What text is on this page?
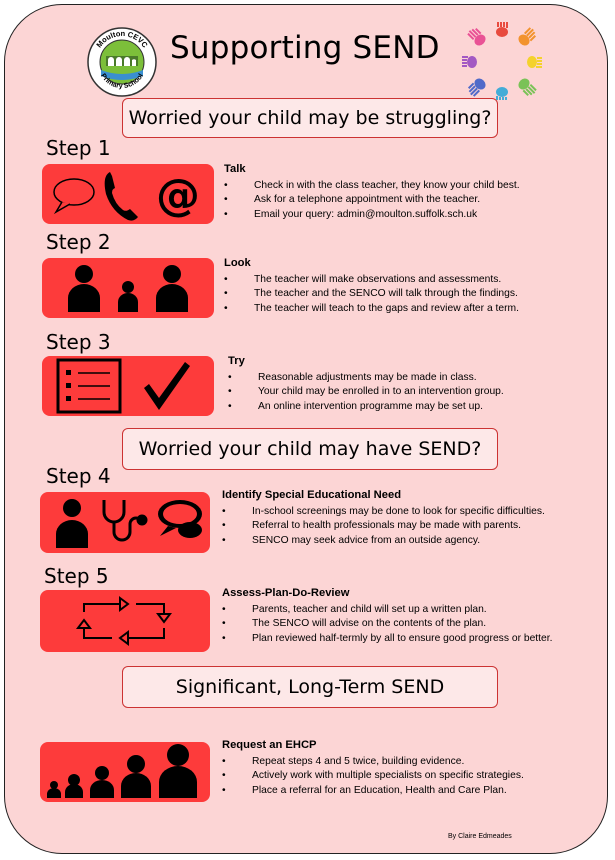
Moulton CEVC
Primary School
Supporting SEND
Worried your child may be struggling?
Step 1
@
Talk
• Check in with the class teacher, they know your child best.
• Ask for a telephone appointment with the teacher.
• Email your query: admin@moulton.suffolk.sch.uk
Step 2
Look
• The teacher will make observations and assessments.
• The teacher and the SENCO will talk through the findings.
• The teacher will teach to the gaps and review after a term.
Step 3
Try
• Reasonable adjustments may be made in class.
• Your child may be enrolled in to an intervention group.
• An online intervention programme may be set up.
Worried your child may have SEND?
Step 4
Identify Special Educational Need
• In-school screenings may be done to look for specific difficulties.
• Referral to health professionals may be made with parents.
• SENCO may seek advice from an outside agency.
Step 5
Assess-Plan-Do-Review
• Parents, teacher and child will set up a written plan.
• The SENCO will advise on the contents of the plan.
• Plan reviewed half-termly by all to ensure good progress or better.
Significant, Long-Term SEND
Request an EHCP
• Repeat steps 4 and 5 twice, building evidence.
• Actively work with multiple specialists on specific strategies.
• Place a referral for an Education, Health and Care Plan.
By Claire Edmeades
